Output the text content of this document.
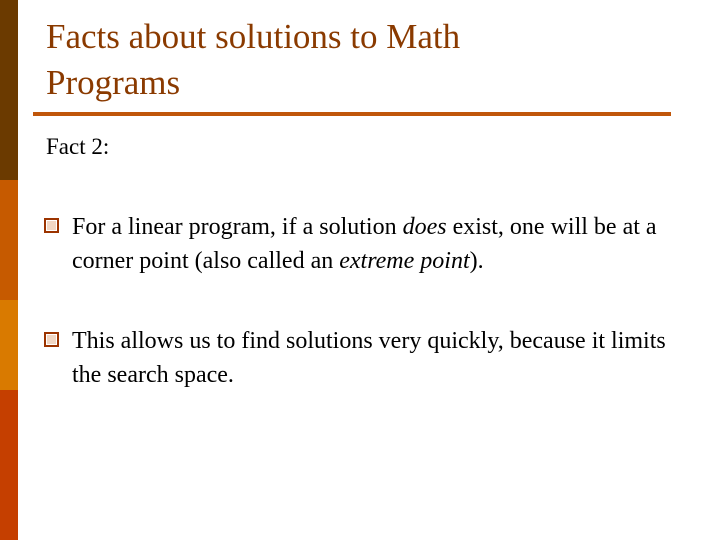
Facts about solutions to Math
Programs
Fact 2:
For a linear program, if a solution does exist, one will be at a corner point (also called an extreme point).
This allows us to find solutions very quickly, because it limits the search space.
